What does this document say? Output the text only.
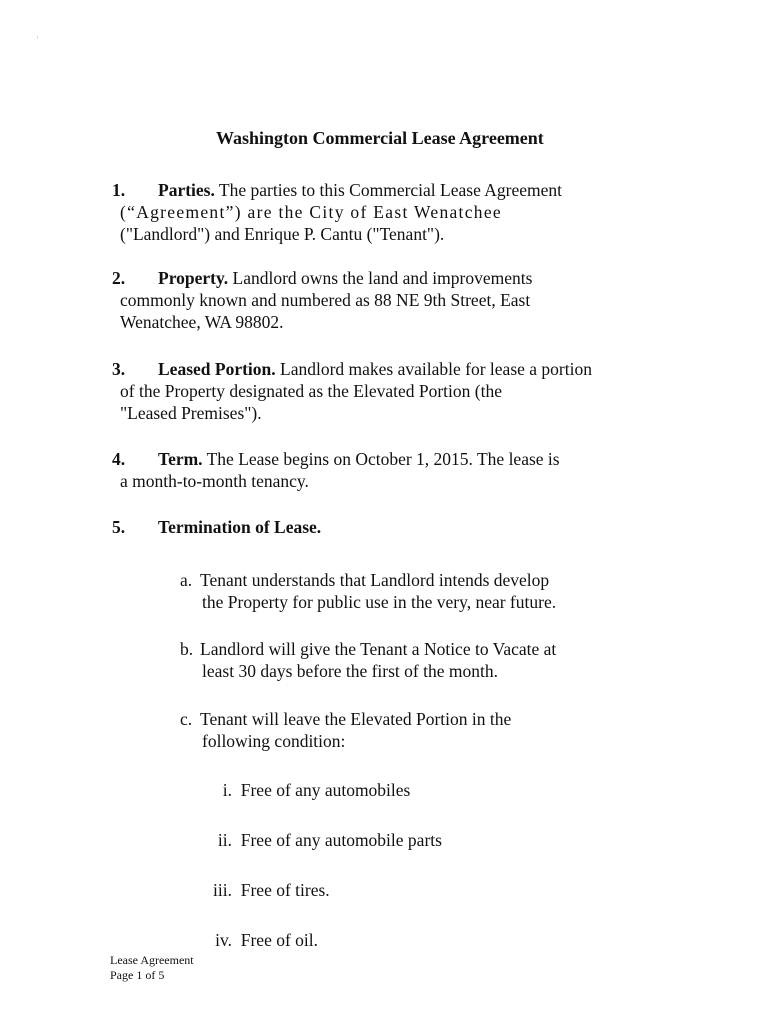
Washington Commercial Lease Agreement
1. Parties. The parties to this Commercial Lease Agreement
(“Agreement”) are the City of East Wenatchee
("Landlord") and Enrique P. Cantu ("Tenant").
2. Property. Landlord owns the land and improvements
commonly known and numbered as 88 NE 9th Street, East
Wenatchee, WA 98802.
3. Leased Portion. Landlord makes available for lease a portion
of the Property designated as the Elevated Portion (the
"Leased Premises").
4. Term. The Lease begins on October 1, 2015. The lease is
a month-to-month tenancy.
5. Termination of Lease.
a. Tenant understands that Landlord intends develop
the Property for public use in the very, near future.
b. Landlord will give the Tenant a Notice to Vacate at
least 30 days before the first of the month.
c. Tenant will leave the Elevated Portion in the
following condition:
i. Free of any automobiles
ii. Free of any automobile parts
iii. Free of tires.
iv. Free of oil.
Lease Agreement
Page 1 of 5
